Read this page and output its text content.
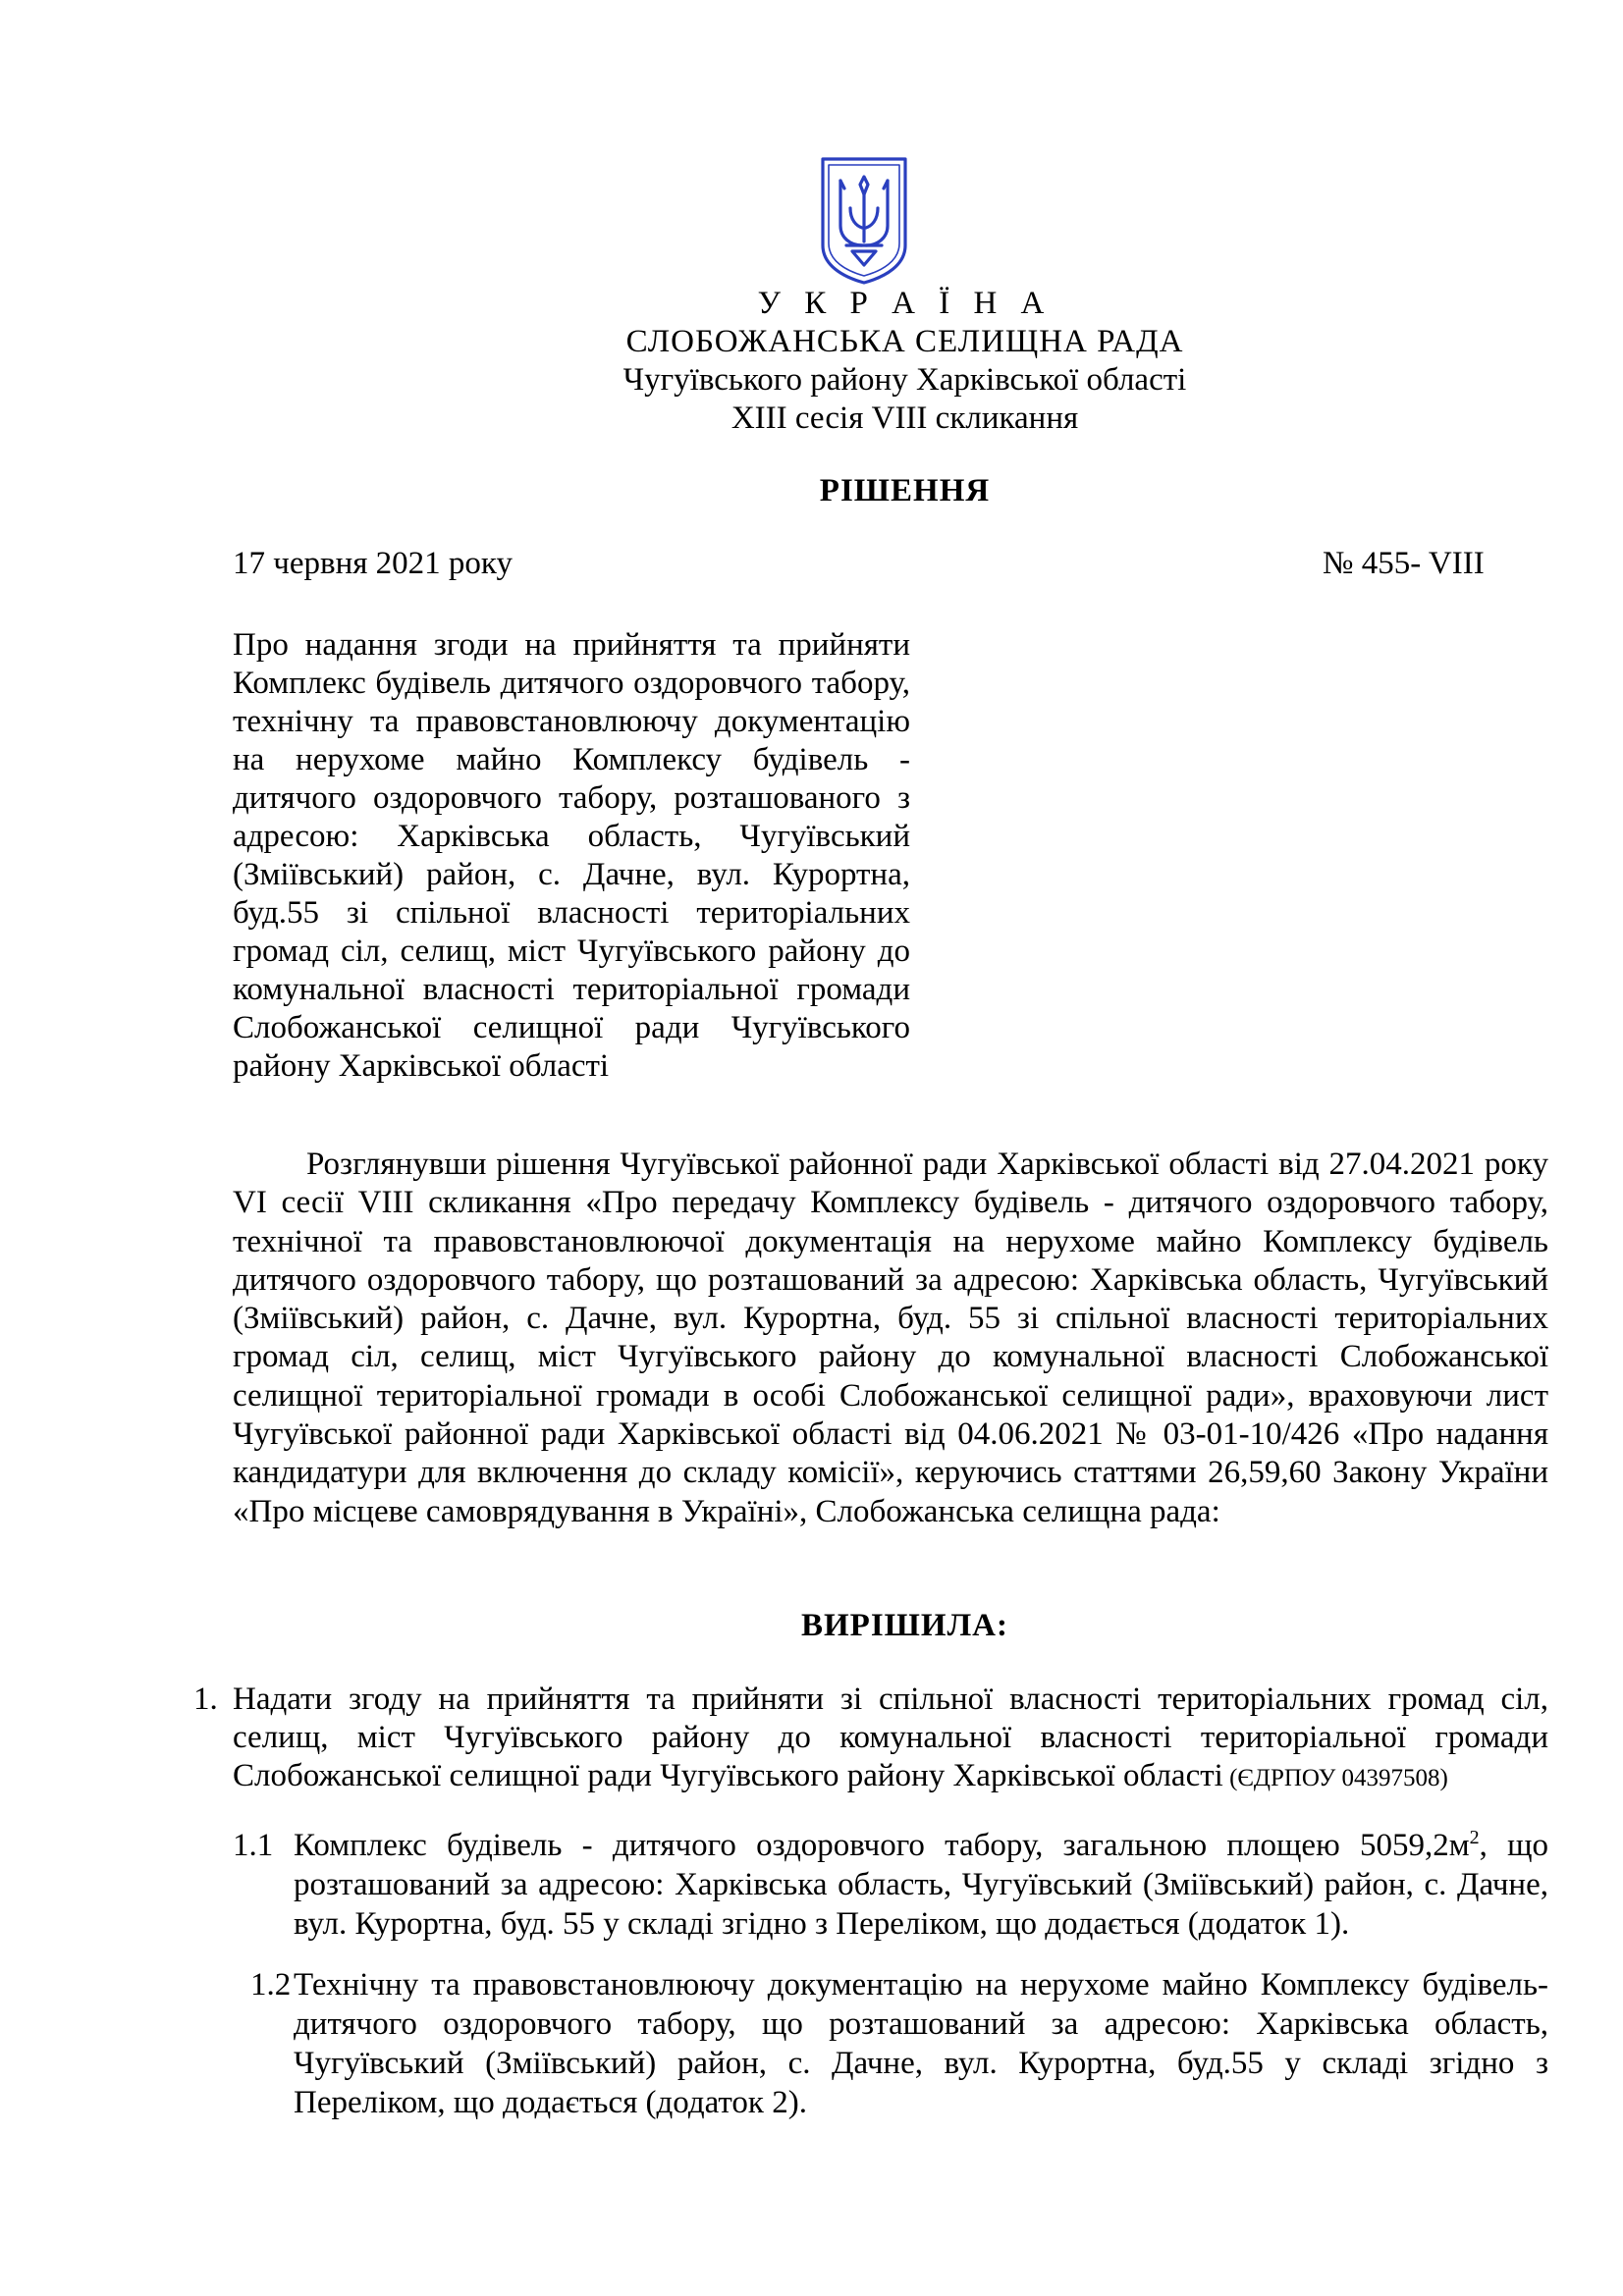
У К Р А Ї Н А
СЛОБОЖАНСЬКА СЕЛИЩНА РАДА
Чугуївського району Харківської області
XIII сесія VIII скликання
РІШЕННЯ
17 червня 2021 року	№ 455- VIII
Про надання згоди на прийняття та прийняти Комплекс будівель дитячого оздоровчого табору, технічну та правовстановлюючу документацію на нерухоме майно Комплексу будівель - дитячого оздоровчого табору, розташованого з адресою: Харківська область, Чугуївський (Зміївський) район, с. Дачне, вул. Курортна, буд.55 зі спільної власності територіальних громад сіл, селищ, міст Чугуївського району до комунальної власності територіальної громади Слобожанської селищної ради Чугуївського району Харківської області
Розглянувши рішення Чугуївської районної ради Харківської області від 27.04.2021 року VI сесії VIII скликання «Про передачу Комплексу будівель - дитячого оздоровчого табору, технічної та правовстановлюючої документація на нерухоме майно Комплексу будівель дитячого оздоровчого табору, що розташований за адресою: Харківська область, Чугуївський (Зміївський) район, с. Дачне, вул. Курортна, буд. 55 зі спільної власності територіальних громад сіл, селищ, міст Чугуївського району до комунальної власності Слобожанської селищної територіальної громади в особі Слобожанської селищної ради», враховуючи лист Чугуївської районної ради Харківської області від 04.06.2021 № 03-01-10/426 «Про надання кандидатури для включення до складу комісії», керуючись статтями 26,59,60 Закону України «Про місцеве самоврядування в Україні», Слобожанська селищна рада:
ВИРІШИЛА:
1. Надати згоду на прийняття та прийняти зі спільної власності територіальних громад сіл, селищ, міст Чугуївського району до комунальної власності територіальної громади Слобожанської селищної ради Чугуївського району Харківської області (ЄДРПОУ 04397508)
1.1 Комплекс будівель - дитячого оздоровчого табору, загальною площею $5059,2м^2$, що розташований за адресою: Харківська область, Чугуївський (Зміївський) район, с. Дачне, вул. Курортна, буд. 55 у складі згідно з Переліком, що додається (додаток 1).
1.2 Технічну та правовстановлюючу документацію на нерухоме майно Комплексу будівель-дитячого оздоровчого табору, що розташований за адресою: Харківська область, Чугуївський (Зміївський) район, с. Дачне, вул. Курортна, буд.55 у складі згідно з Переліком, що додається (додаток 2).
